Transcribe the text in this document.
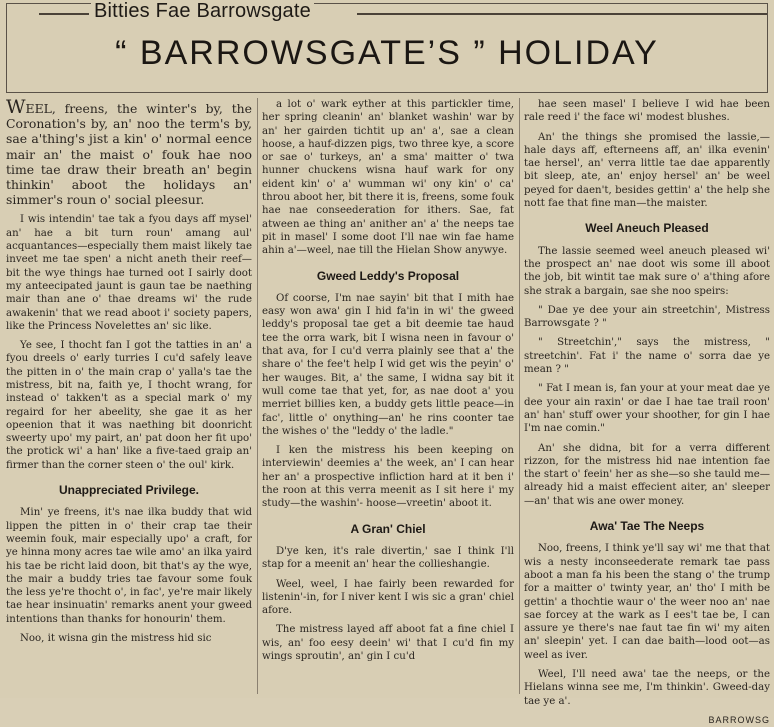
Bitties Fae Barrowsgate
“ BARROWSGATE’S ” HOLIDAY

WEEL, freens, the winter's by, the Coronation's by, an' noo the term's by, sae a'thing's jist a kin' o' normal eence mair an' the maist o' fouk hae noo time tae draw their breath an' begin thinkin' aboot the holidays an' simmer's roun o' social pleesur.

I wis intendin' tae tak a fyou days aff mysel' an' hae a bit turn roun' amang aul' acquantances—especially them maist likely tae inveet me tae spen' a nicht aneth their reef—bit the wye things hae turned oot I sairly doot my anteecipated jaunt is gaun tae be naething mair than ane o' thae dreams wi' the rude awakenin' that we read aboot i' society papers, like the Princess Novelettes an' sic like.

Ye see, I thocht fan I got the tatties in an' a fyou dreels o' early turries I cu'd safely leave the pitten in o' the main crap o' yalla's tae the mistress, bit na, faith ye, I thocht wrang, for instead o' takken't as a special mark o' my regaird for her abeelity, she gae it as her opeenion that it was naething bit doonricht sweerty upo' my pairt, an' pat doon her fit upo' the protick wi' a han' like a five-taed graip an' firmer than the corner steen o' the oul' kirk.

Unappreciated Privilege.

Min' ye freens, it's nae ilka buddy that wid lippen the pitten in o' their crap tae their weemin fouk, mair especially upo' a craft, for ye hinna mony acres tae wile amo' an ilka yaird his tae be richt laid doon, bit that's ay the wye, the mair a buddy tries tae favour some fouk the less ye're thocht o', in fac', ye're mair likely tae hear insinuatin' remarks anent your gweed intentions than thanks for honourin' them.

Noo, it wisna gin the mistress hid sic

a lot o' wark eyther at this partickler time, her spring cleanin' an' blanket washin' war by an' her gairden tichtit up an' a', sae a clean hoose, a hauf-dizzen pigs, two three kye, a score or sae o' turkeys, an' a sma' maitter o' twa hunner chuckens wisna hauf wark for ony eident kin' o' a' wumman wi' ony kin' o' ca' throu aboot her, bit there it is, freens, some fouk hae nae conseederation for ithers. Sae, fat atween ae thing an' anither an' a' the neeps tae pit in masel' I some doot I'll nae win fae hame ahin a'—weel, nae till the Hielan Show anywye.

Gweed Leddy's Proposal

Of coorse, I'm nae sayin' bit that I mith hae easy won awa' gin I hid fa'in in wi' the gweed leddy's proposal tae get a bit deemie tae haud tee the orra wark, bit I wisna neen in favour o' that ava, for I cu'd verra plainly see that a' the share o' the fee't help I wid get wis the peyin' o' her wauges. Bit, a' the same, I widna say bit it wull come tae that yet, for, as nae doot a' you merriet billies ken, a buddy gets little peace—in fac', little o' onything—an' he rins coonter tae the wishes o' the "leddy o' the ladle."

I ken the mistress his been keeping on interviewin' deemies a' the week, an' I can hear her an' a prospective infliction hard at it ben i' the roon at this verra meenit as I sit here i' my study—the washin'- hoose—vreetin' aboot it.

A Gran' Chiel

D'ye ken, it's rale divertin,' sae I think I'll stap for a meenit an' hear the collieshangie.

Weel, weel, I hae fairly been rewarded for listenin'-in, for I niver kent I wis sic a gran' chiel afore.

The mistress layed aff aboot fat a fine chiel I wis, an' foo eesy deein' wi' that I cu'd fin my wings sproutin', an' gin I cu'd

hae seen masel' I believe I wid hae been rale reed i' the face wi' modest blushes.

An' the things she promised the lassie,—hale days aff, efterneens aff, an' ilka evenin' tae hersel', an' verra little tae dae apparently bit sleep, ate, an' enjoy hersel' an' be weel peyed for daen't, besides gettin' a' the help she nott fae that fine man—the maister.

Weel Aneuch Pleased

The lassie seemed weel aneuch pleased wi' the prospect an' nae doot wis some ill aboot the job, bit wintit tae mak sure o' a'thing afore she strak a bargain, sae she noo speirs:

" Dae ye dee your ain streetchin', Mistress Barrowsgate ? "

" Streetchin'," says the mistress, " streetchin'. Fat i' the name o' sorra dae ye mean ? "

" Fat I mean is, fan your at your meat dae ye dee your ain raxin' or dae I hae tae trail roon' an' han' stuff ower your shoother, for gin I hae I'm nae comin."

An' she didna, bit for a verra different rizzon, for the mistress hid nae intention fae the start o' feein' her as she—so she tauld me—already hid a maist effecient aiter, an' sleeper—an' that wis ane ower money.

Awa' Tae The Neeps

Noo, freens, I think ye'll say wi' me that that wis a nesty inconseederate remark tae pass aboot a man fa his been the stang o' the trump for a maitter o' twinty year, an' tho' I mith be gettin' a thochtie waur o' the weer noo an' nae sae forcey at the wark as I ees't tae be, I can assure ye there's nae faut tae fin wi' my aiten an' sleepin' yet. I can dae baith—lood oot—as weel as iver.

Weel, I'll need awa' tae the neeps, or the Hielans winna see me, I'm thinkin'. Gweed-day tae ye a'.

BARROWSG
